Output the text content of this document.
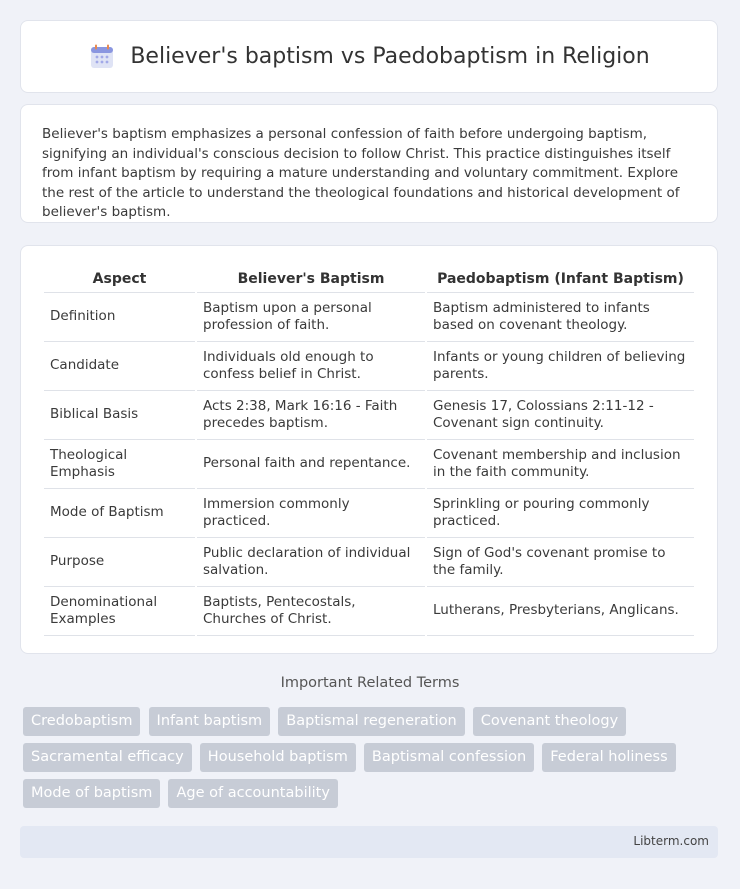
Believer's baptism vs Paedobaptism in Religion

Believer's baptism emphasizes a personal confession of faith before undergoing baptism, signifying an individual's conscious decision to follow Christ. This practice distinguishes itself from infant baptism by requiring a mature understanding and voluntary commitment. Explore the rest of the article to understand the theological foundations and historical development of believer's baptism.

Aspect	Believer's Baptism	Paedobaptism (Infant Baptism)
Definition	Baptism upon a personal profession of faith.	Baptism administered to infants based on covenant theology.
Candidate	Individuals old enough to confess belief in Christ.	Infants or young children of believing parents.
Biblical Basis	Acts 2:38, Mark 16:16 - Faith precedes baptism.	Genesis 17, Colossians 2:11-12 - Covenant sign continuity.
Theological Emphasis	Personal faith and repentance.	Covenant membership and inclusion in the faith community.
Mode of Baptism	Immersion commonly practiced.	Sprinkling or pouring commonly practiced.
Purpose	Public declaration of individual salvation.	Sign of God's covenant promise to the family.
Denominational Examples	Baptists, Pentecostals, Churches of Christ.	Lutherans, Presbyterians, Anglicans.
Important Related Terms
Credobaptism Infant baptism Baptismal regeneration Covenant theology
Sacramental efficacy Household baptism Baptismal confession Federal holiness
Mode of baptism Age of accountability
Libterm.com
